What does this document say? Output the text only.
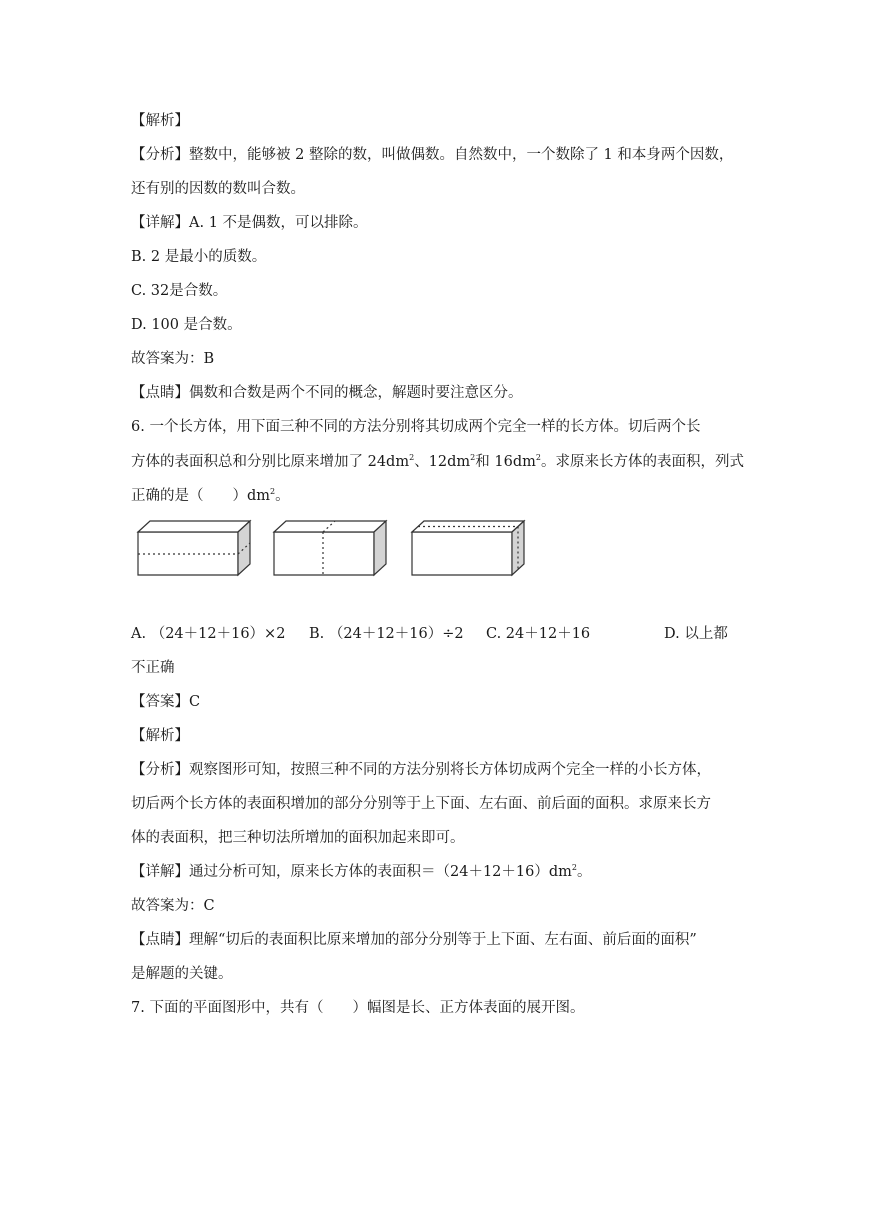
【解析】
【分析】整数中，能够被 2 整除的数，叫做偶数。自然数中，一个数除了 1 和本身两个因数，
还有别的因数的数叫合数。
【详解】A. 1 不是偶数，可以排除。
B. 2 是最小的质数。
C. 32是合数。
D. 100 是合数。
故答案为：B
【点睛】偶数和合数是两个不同的概念，解题时要注意区分。
6. 一个长方体，用下面三种不同的方法分别将其切成两个完全一样的长方体。切后两个长
方体的表面积总和分别比原来增加了 $24dm^2$、$12dm^2$和 $16dm^2$。求原来长方体的表面积，列式
正确的是（　　）$dm^2$。
A. （24＋12＋16）×2 B. （24＋12＋16）÷2 C. 24＋12＋16	D. 以上都
不正确
【答案】C
【解析】
【分析】观察图形可知，按照三种不同的方法分别将长方体切成两个完全一样的小长方体，
切后两个长方体的表面积增加的部分分别等于上下面、左右面、前后面的面积。求原来长方
体的表面积，把三种切法所增加的面积加起来即可。
【详解】通过分析可知，原来长方体的表面积$=(24+12+16)dm^2$。
故答案为：C
【点睛】理解“切后的表面积比原来增加的部分分别等于上下面、左右面、前后面的面积”
是解题的关键。
7. 下面的平面图形中，共有（　　）幅图是长、正方体表面的展开图。
